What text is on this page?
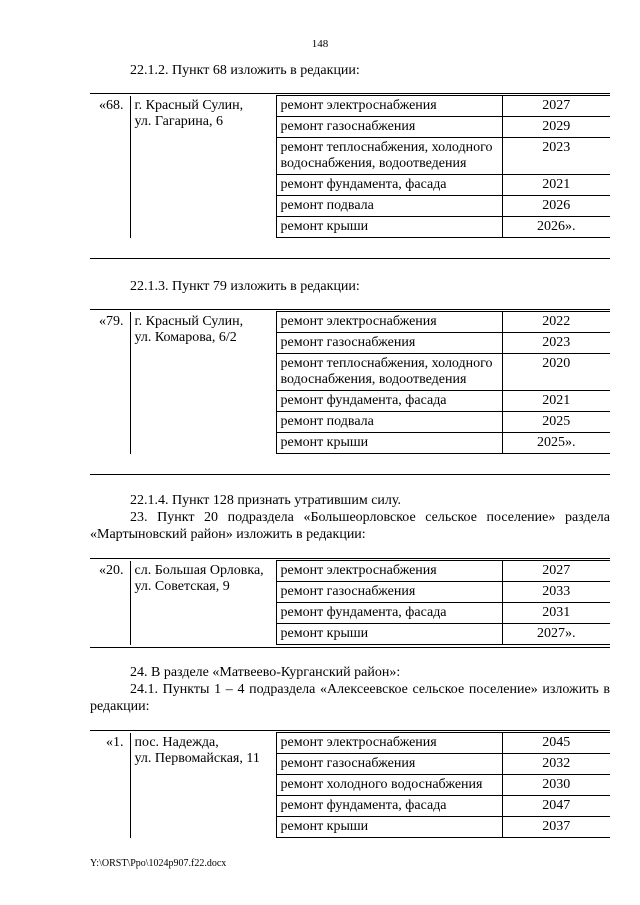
148
22.1.2. Пункт 68 изложить в редакции:
«68.	г. Красный Сулин,
ул. Гагарина, 6	ремонт электроснабжения	2027
		ремонт газоснабжения	2029
		ремонт теплоснабжения, холодного водоснабжения, водоотведения	2023
		ремонт фундамента, фасада	2021
		ремонт подвала	2026
		ремонт крыши	2026».
22.1.3. Пункт 79 изложить в редакции:
«79.	г. Красный Сулин,
ул. Комарова, 6/2	ремонт электроснабжения	2022
		ремонт газоснабжения	2023
		ремонт теплоснабжения, холодного водоснабжения, водоотведения	2020
		ремонт фундамента, фасада	2021
		ремонт подвала	2025
		ремонт крыши	2025».
22.1.4. Пункт 128 признать утратившим силу.
23. Пункт 20 подраздела «Большеорловское сельское поселение» раздела «Мартыновский район» изложить в редакции:
«20.	сл. Большая Орловка,
ул. Советская, 9	ремонт электроснабжения	2027
		ремонт газоснабжения	2033
		ремонт фундамента, фасада	2031
		ремонт крыши	2027».
24. В разделе «Матвеево-Курганский район»:
24.1. Пункты 1 – 4 подраздела «Алексеевское сельское поселение» изложить в редакции:
«1.	пос. Надежда,
ул. Первомайская, 11	ремонт электроснабжения	2045
		ремонт газоснабжения	2032
		ремонт холодного водоснабжения	2030
		ремонт фундамента, фасада	2047
		ремонт крыши	2037
Y:\ORST\Ppo\1024p907.f22.docx
